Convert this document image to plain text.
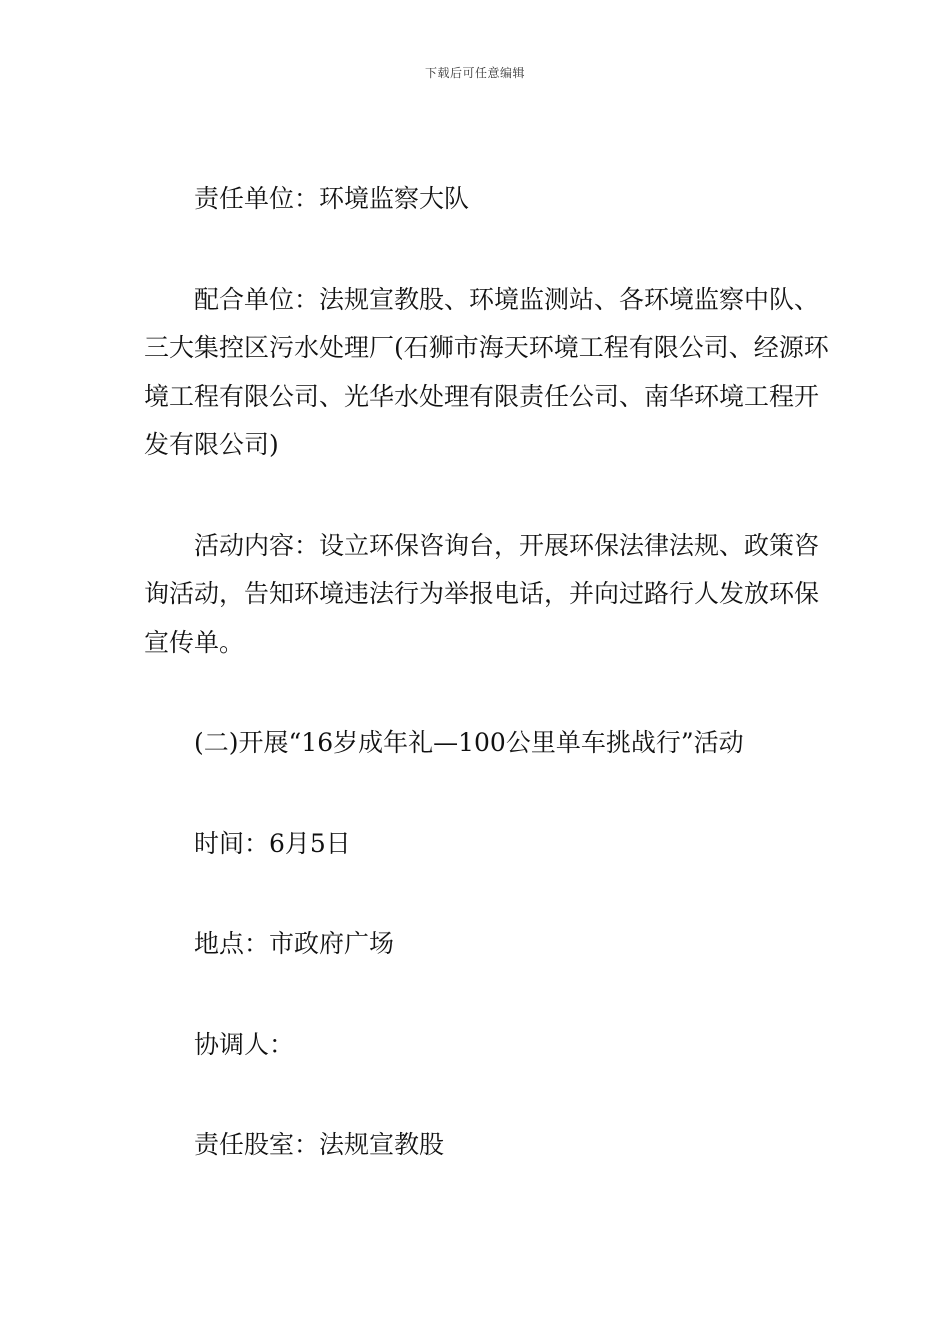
下载后可任意编辑

责任单位：环境监察大队

配合单位：法规宣教股、环境监测站、各环境监察中队、三大集控区污水处理厂(石狮市海天环境工程有限公司、经源环境工程有限公司、光华水处理有限责任公司、南华环境工程开发有限公司)

活动内容：设立环保咨询台，开展环保法律法规、政策咨询活动，告知环境违法行为举报电话，并向过路行人发放环保宣传单。

(二)开展“16岁成年礼—100公里单车挑战行”活动

时间：6月5日

地点：市政府广场

协调人：

责任股室：法规宣教股
